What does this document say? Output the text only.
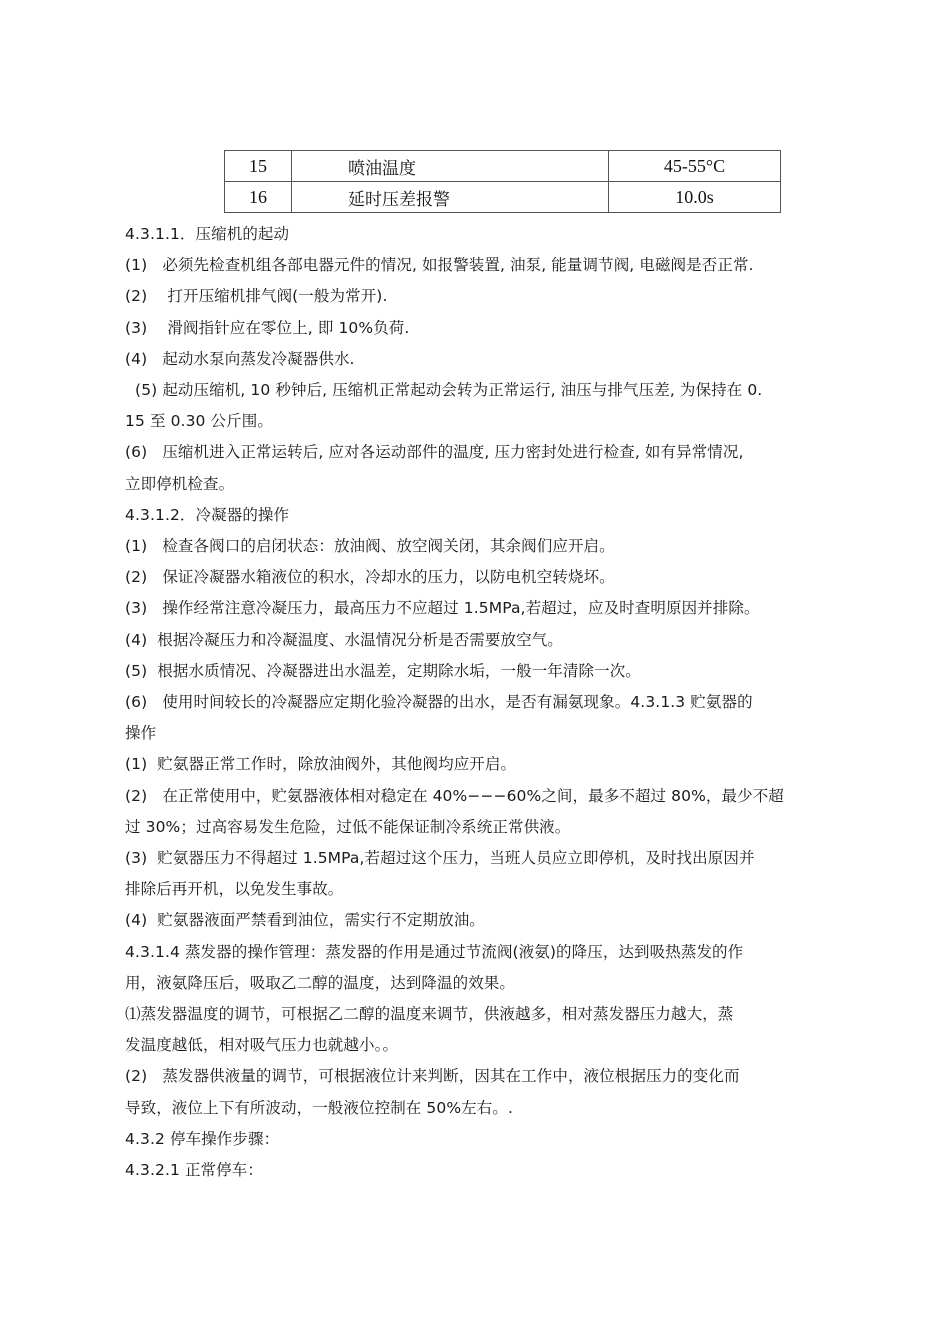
15	喷油温度	45-55°C
16	延时压差报警	10.0s

4.3.1.1．压缩机的起动

(1)   必须先检查机组各部电器元件的情况, 如报警装置, 油泵, 能量调节阀, 电磁阀是否正常.

(2)    打开压缩机排气阀(一般为常开).

(3)    滑阀指针应在零位上, 即 10%负荷.

(4)   起动水泵向蒸发冷凝器供水.

(5) 起动压缩机, 10 秒钟后, 压缩机正常起动会转为正常运行, 油压与排气压差, 为保持在 0.

15 至 0.30 公斤围。

(6)   压缩机进入正常运转后, 应对各运动部件的温度, 压力密封处进行检查, 如有异常情况,

立即停机检查。

4.3.1.2．冷凝器的操作

(1)   检查各阀口的启闭状态：放油阀、放空阀关闭，其余阀们应开启。

(2)   保证冷凝器水箱液位的积水，冷却水的压力，以防电机空转烧坏。

(3)   操作经常注意冷凝压力，最高压力不应超过 1.5MPa,若超过，应及时查明原因并排除。

(4)  根据冷凝压力和冷凝温度、水温情况分析是否需要放空气。

(5)  根据水质情况、冷凝器进出水温差，定期除水垢，一般一年清除一次。

(6)   使用时间较长的冷凝器应定期化验冷凝器的出水，是否有漏氨现象。4.3.1.3 贮氨器的

操作

(1)  贮氨器正常工作时，除放油阀外，其他阀均应开启。

(2)   在正常使用中，贮氨器液体相对稳定在 40%−−−60%之间，最多不超过 80%，最少不超

过 30%；过高容易发生危险，过低不能保证制冷系统正常供液。

(3)  贮氨器压力不得超过 1.5MPa,若超过这个压力，当班人员应立即停机，及时找出原因并

排除后再开机，以免发生事故。

(4)  贮氨器液面严禁看到油位，需实行不定期放油。

4.3.1.4 蒸发器的操作管理：蒸发器的作用是通过节流阀(液氨)的降压，达到吸热蒸发的作

用，液氨降压后，吸取乙二醇的温度，达到降温的效果。

⑴蒸发器温度的调节，可根据乙二醇的温度来调节，供液越多，相对蒸发器压力越大，蒸

发温度越低，相对吸气压力也就越小。。

(2)   蒸发器供液量的调节，可根据液位计来判断，因其在工作中，液位根据压力的变化而

导致，液位上下有所波动，一般液位控制在 50%左右。.

4.3.2 停车操作步骤：

4.3.2.1 正常停车：
